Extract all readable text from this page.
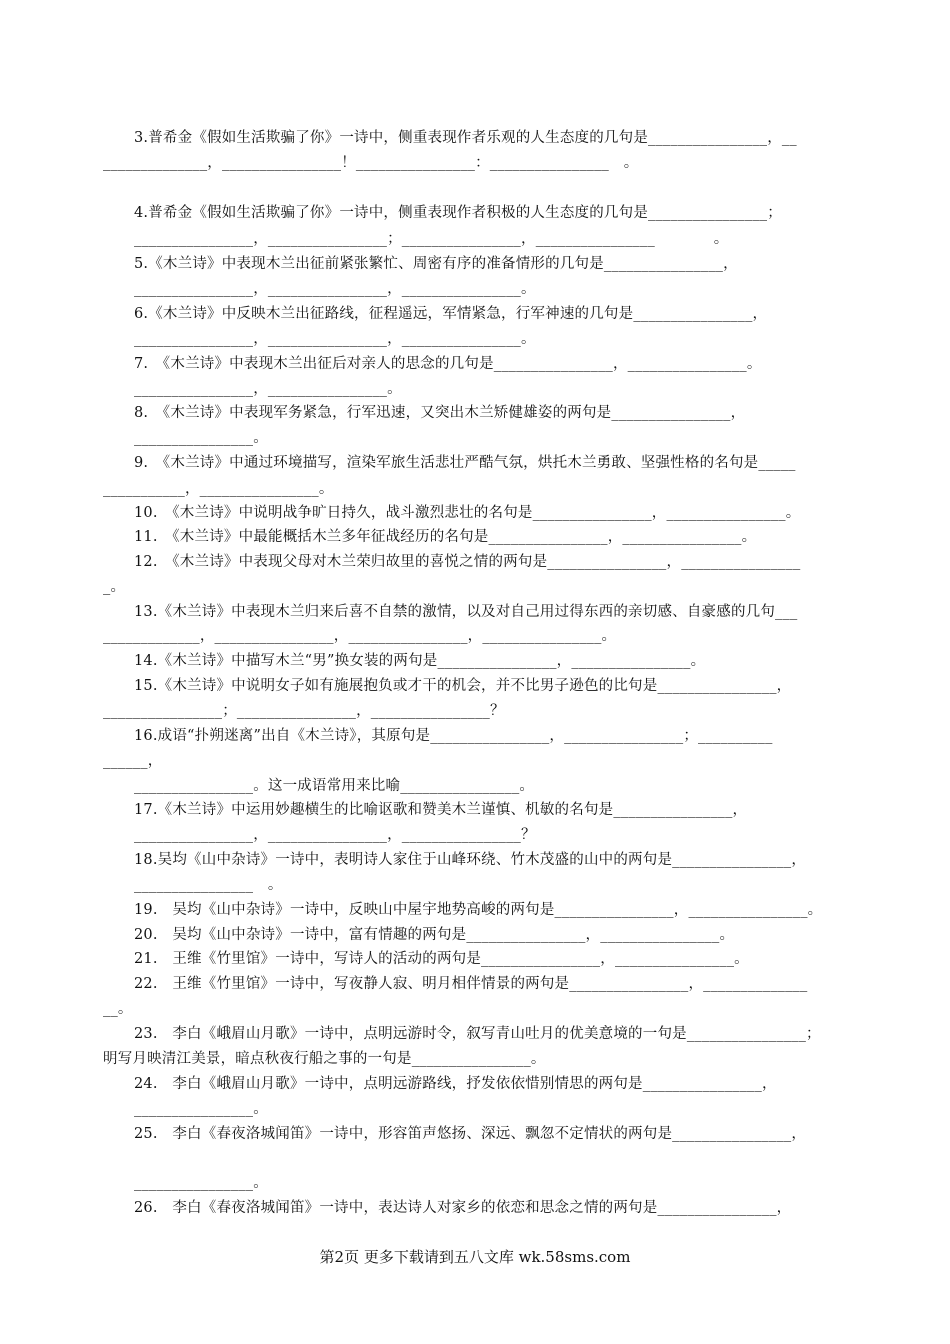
3.普希金《假如生活欺骗了你》一诗中，侧重表现作者乐观的人生态度的几句是________________，__
______________，________________！________________：________________　。
4.普希金《假如生活欺骗了你》一诗中，侧重表现作者积极的人生态度的几句是________________；
________________，________________；________________，________________　　　　。
5.《木兰诗》中表现木兰出征前紧张繁忙、周密有序的准备情形的几句是________________，
________________，________________，________________。
6.《木兰诗》中反映木兰出征路线，征程遥远，军情紧急，行军神速的几句是________________，
________________，________________，________________。
7.　《木兰诗》中表现木兰出征后对亲人的思念的几句是________________，________________。
________________，________________。
8.　《木兰诗》中表现军务紧急，行军迅速，又突出木兰矫健雄姿的两句是________________，
________________。
9.　《木兰诗》中通过环境描写，渲染军旅生活悲壮严酷气氛，烘托木兰勇敢、坚强性格的名句是_____
___________，________________。
10.　《木兰诗》中说明战争旷日持久，战斗激烈悲壮的名句是________________，________________。
11.　《木兰诗》中最能概括木兰多年征战经历的名句是________________，________________。
12.　《木兰诗》中表现父母对木兰荣归故里的喜悦之情的两句是________________，________________
_。
13.《木兰诗》中表现木兰归来后喜不自禁的激情，以及对自己用过得东西的亲切感、自豪感的几句___
_____________，________________，________________，________________。
14.《木兰诗》中描写木兰“男”换女装的两句是________________，________________。
15.《木兰诗》中说明女子如有施展抱负或才干的机会，并不比男子逊色的比句是________________，
________________；________________，________________？
16.成语“扑朔迷离”出自《木兰诗》，其原句是________________，________________；__________
______，
________________。这一成语常用来比喻________________。
17.《木兰诗》中运用妙趣横生的比喻讴歌和赞美木兰谨慎、机敏的名句是________________，
________________，________________，________________？
18.吴均《山中杂诗》一诗中，表明诗人家住于山峰环绕、竹木茂盛的山中的两句是________________，
________________　。
19.　吴均《山中杂诗》一诗中，反映山中屋宇地势高峻的两句是________________，________________。
20.　吴均《山中杂诗》一诗中，富有情趣的两句是________________，________________。
21.　王维《竹里馆》一诗中，写诗人的活动的两句是________________，________________。
22.　王维《竹里馆》一诗中，写夜静人寂、明月相伴情景的两句是________________，______________
__。
23.　李白《峨眉山月歌》一诗中，点明远游时令，叙写青山吐月的优美意境的一句是________________；
明写月映清江美景，暗点秋夜行船之事的一句是________________。
24.　李白《峨眉山月歌》一诗中，点明远游路线，抒发依依惜别情思的两句是________________，
________________。
25.　李白《春夜洛城闻笛》一诗中，形容笛声悠扬、深远、飘忽不定情状的两句是________________，
________________。
26.　李白《春夜洛城闻笛》一诗中，表达诗人对家乡的依恋和思念之情的两句是________________，
第2页 更多下载请到五八文库 wk.58sms.com
